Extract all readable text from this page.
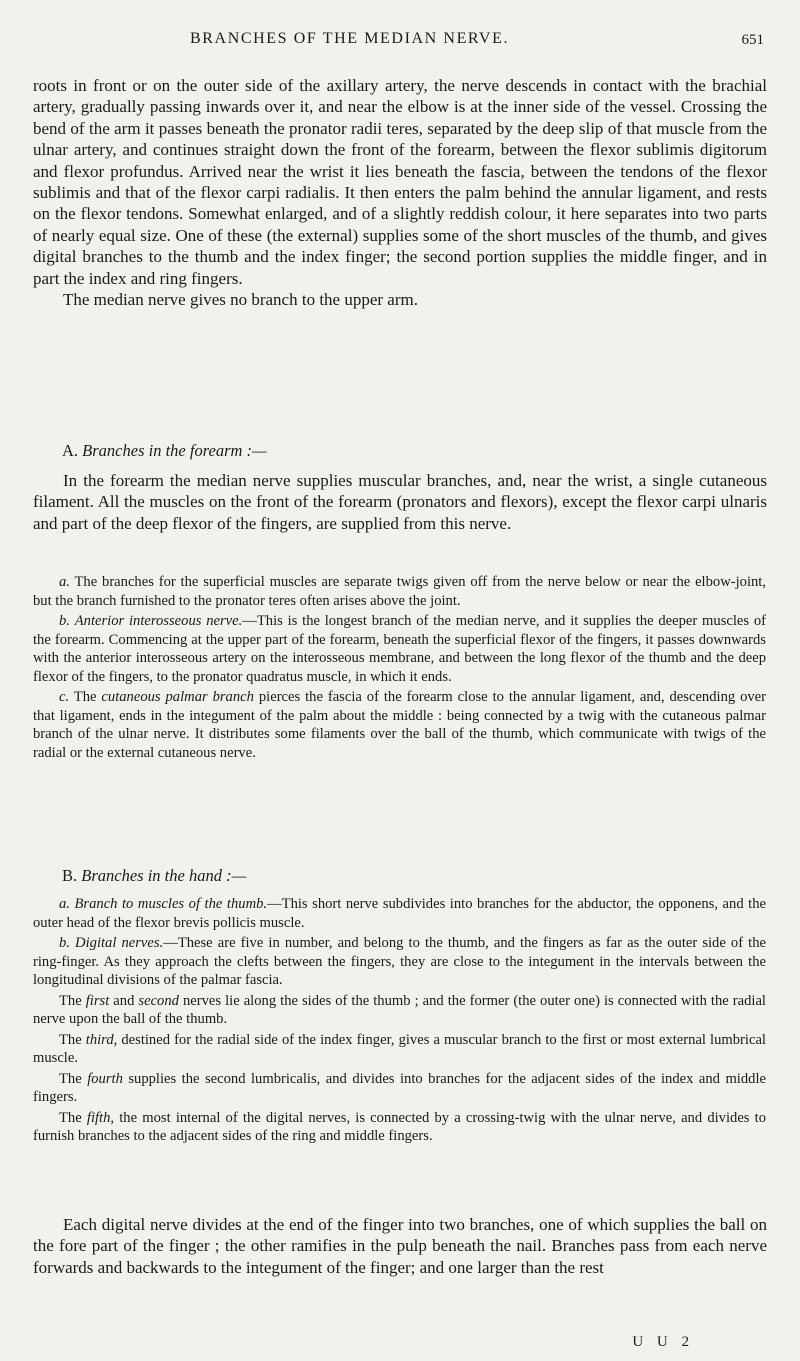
BRANCHES OF THE MEDIAN NERVE.	651

roots in front or on the outer side of the axillary artery, the nerve descends in contact with the brachial artery, gradually passing inwards over it, and near the elbow is at the inner side of the vessel. Crossing the bend of the arm it passes beneath the pronator radii teres, separated by the deep slip of that muscle from the ulnar artery, and continues straight down the front of the forearm, between the flexor sublimis digitorum and flexor profundus. Arrived near the wrist it lies beneath the fascia, between the tendons of the flexor sublimis and that of the flexor carpi radialis. It then enters the palm behind the annular ligament, and rests on the flexor tendons. Somewhat enlarged, and of a slightly reddish colour, it here separates into two parts of nearly equal size. One of these (the external) supplies some of the short muscles of the thumb, and gives digital branches to the thumb and the index finger; the second portion supplies the middle finger, and in part the index and ring fingers.

The median nerve gives no branch to the upper arm.

A. Branches in the forearm :—

In the forearm the median nerve supplies muscular branches, and, near the wrist, a single cutaneous filament. All the muscles on the front of the forearm (pronators and flexors), except the flexor carpi ulnaris and part of the deep flexor of the fingers, are supplied from this nerve.

a. The branches for the superficial muscles are separate twigs given off from the nerve below or near the elbow-joint, but the branch furnished to the pronator teres often arises above the joint.

b. Anterior interosseous nerve.—This is the longest branch of the median nerve, and it supplies the deeper muscles of the forearm. Commencing at the upper part of the forearm, beneath the superficial flexor of the fingers, it passes downwards with the anterior interosseous artery on the interosseous membrane, and between the long flexor of the thumb and the deep flexor of the fingers, to the pronator quadratus muscle, in which it ends.

c. The cutaneous palmar branch pierces the fascia of the forearm close to the annular ligament, and, descending over that ligament, ends in the integument of the palm about the middle : being connected by a twig with the cutaneous palmar branch of the ulnar nerve. It distributes some filaments over the ball of the thumb, which communicate with twigs of the radial or the external cutaneous nerve.

B. Branches in the hand :—

a. Branch to muscles of the thumb.—This short nerve subdivides into branches for the abductor, the opponens, and the outer head of the flexor brevis pollicis muscle.

b. Digital nerves.—These are five in number, and belong to the thumb, and the fingers as far as the outer side of the ring-finger. As they approach the clefts between the fingers, they are close to the integument in the intervals between the longitudinal divisions of the palmar fascia.

The first and second nerves lie along the sides of the thumb ; and the former (the outer one) is connected with the radial nerve upon the ball of the thumb.

The third, destined for the radial side of the index finger, gives a muscular branch to the first or most external lumbrical muscle.

The fourth supplies the second lumbricalis, and divides into branches for the adjacent sides of the index and middle fingers.

The fifth, the most internal of the digital nerves, is connected by a crossing-twig with the ulnar nerve, and divides to furnish branches to the adjacent sides of the ring and middle fingers.

Each digital nerve divides at the end of the finger into two branches, one of which supplies the ball on the fore part of the finger ; the other ramifies in the pulp beneath the nail. Branches pass from each nerve forwards and backwards to the integument of the finger; and one larger than the rest

U U 2
